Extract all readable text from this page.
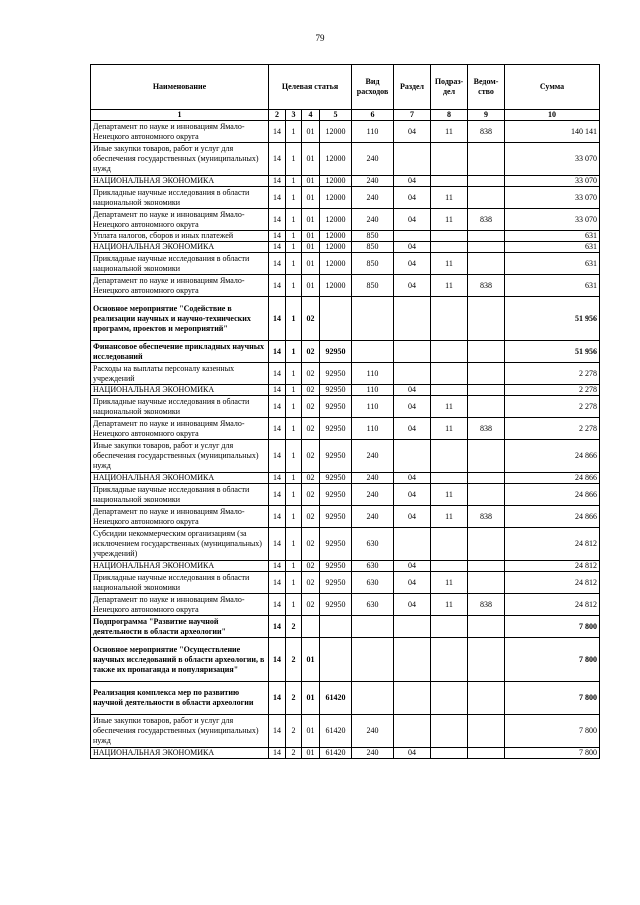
79
Наименование	Целевая статья				Вид расходов	Раздел	Подраз-дел	Ведом-ство	Сумма
1	2	3	4	5	6	7	8	9	10
Департамент по науке и инновациям Ямало-Ненецкого автономного округа	14	1	01	12000	110	04	11	838	140 141
Иные закупки товаров, работ и услуг для обеспечения государственных (муниципальных) нужд	14	1	01	12000	240				33 070
НАЦИОНАЛЬНАЯ ЭКОНОМИКА	14	1	01	12000	240	04			33 070
Прикладные научные исследования в области национальной экономики	14	1	01	12000	240	04	11		33 070
Департамент по науке и инновациям Ямало-Ненецкого автономного округа	14	1	01	12000	240	04	11	838	33 070
Уплата налогов, сборов и иных платежей	14	1	01	12000	850				631
НАЦИОНАЛЬНАЯ ЭКОНОМИКА	14	1	01	12000	850	04			631
Прикладные научные исследования в области национальной экономики	14	1	01	12000	850	04	11		631
Департамент по науке и инновациям Ямало-Ненецкого автономного округа	14	1	01	12000	850	04	11	838	631
Основное мероприятие "Содействие в реализации научных и научно-технических программ, проектов и мероприятий"	14	1	02						51 956
Финансовое обеспечение прикладных научных исследований	14	1	02	92950					51 956
Расходы на выплаты персоналу казенных учреждений	14	1	02	92950	110				2 278
НАЦИОНАЛЬНАЯ ЭКОНОМИКА	14	1	02	92950	110	04			2 278
Прикладные научные исследования в области национальной экономики	14	1	02	92950	110	04	11		2 278
Департамент по науке и инновациям Ямало-Ненецкого автономного округа	14	1	02	92950	110	04	11	838	2 278
Иные закупки товаров, работ и услуг для обеспечения государственных (муниципальных) нужд	14	1	02	92950	240				24 866
НАЦИОНАЛЬНАЯ ЭКОНОМИКА	14	1	02	92950	240	04			24 866
Прикладные научные исследования в области национальной экономики	14	1	02	92950	240	04	11		24 866
Департамент по науке и инновациям Ямало-Ненецкого автономного округа	14	1	02	92950	240	04	11	838	24 866
Субсидии некоммерческим организациям (за исключением государственных (муниципальных) учреждений)	14	1	02	92950	630				24 812
НАЦИОНАЛЬНАЯ ЭКОНОМИКА	14	1	02	92950	630	04			24 812
Прикладные научные исследования в области национальной экономики	14	1	02	92950	630	04	11		24 812
Департамент по науке и инновациям Ямало-Ненецкого автономного округа	14	1	02	92950	630	04	11	838	24 812
Подпрограмма "Развитие научной деятельности в области археологии"	14	2							7 800
Основное мероприятие "Осуществление научных исследований в области археологии, в также их пропаганда и популяризация"	14	2	01						7 800
Реализация комплекса мер по развитию научной деятельности в области археологии	14	2	01	61420					7 800
Иные закупки товаров, работ и услуг для обеспечения государственных (муниципальных) нужд	14	2	01	61420	240				7 800
НАЦИОНАЛЬНАЯ ЭКОНОМИКА	14	2	01	61420	240	04			7 800
